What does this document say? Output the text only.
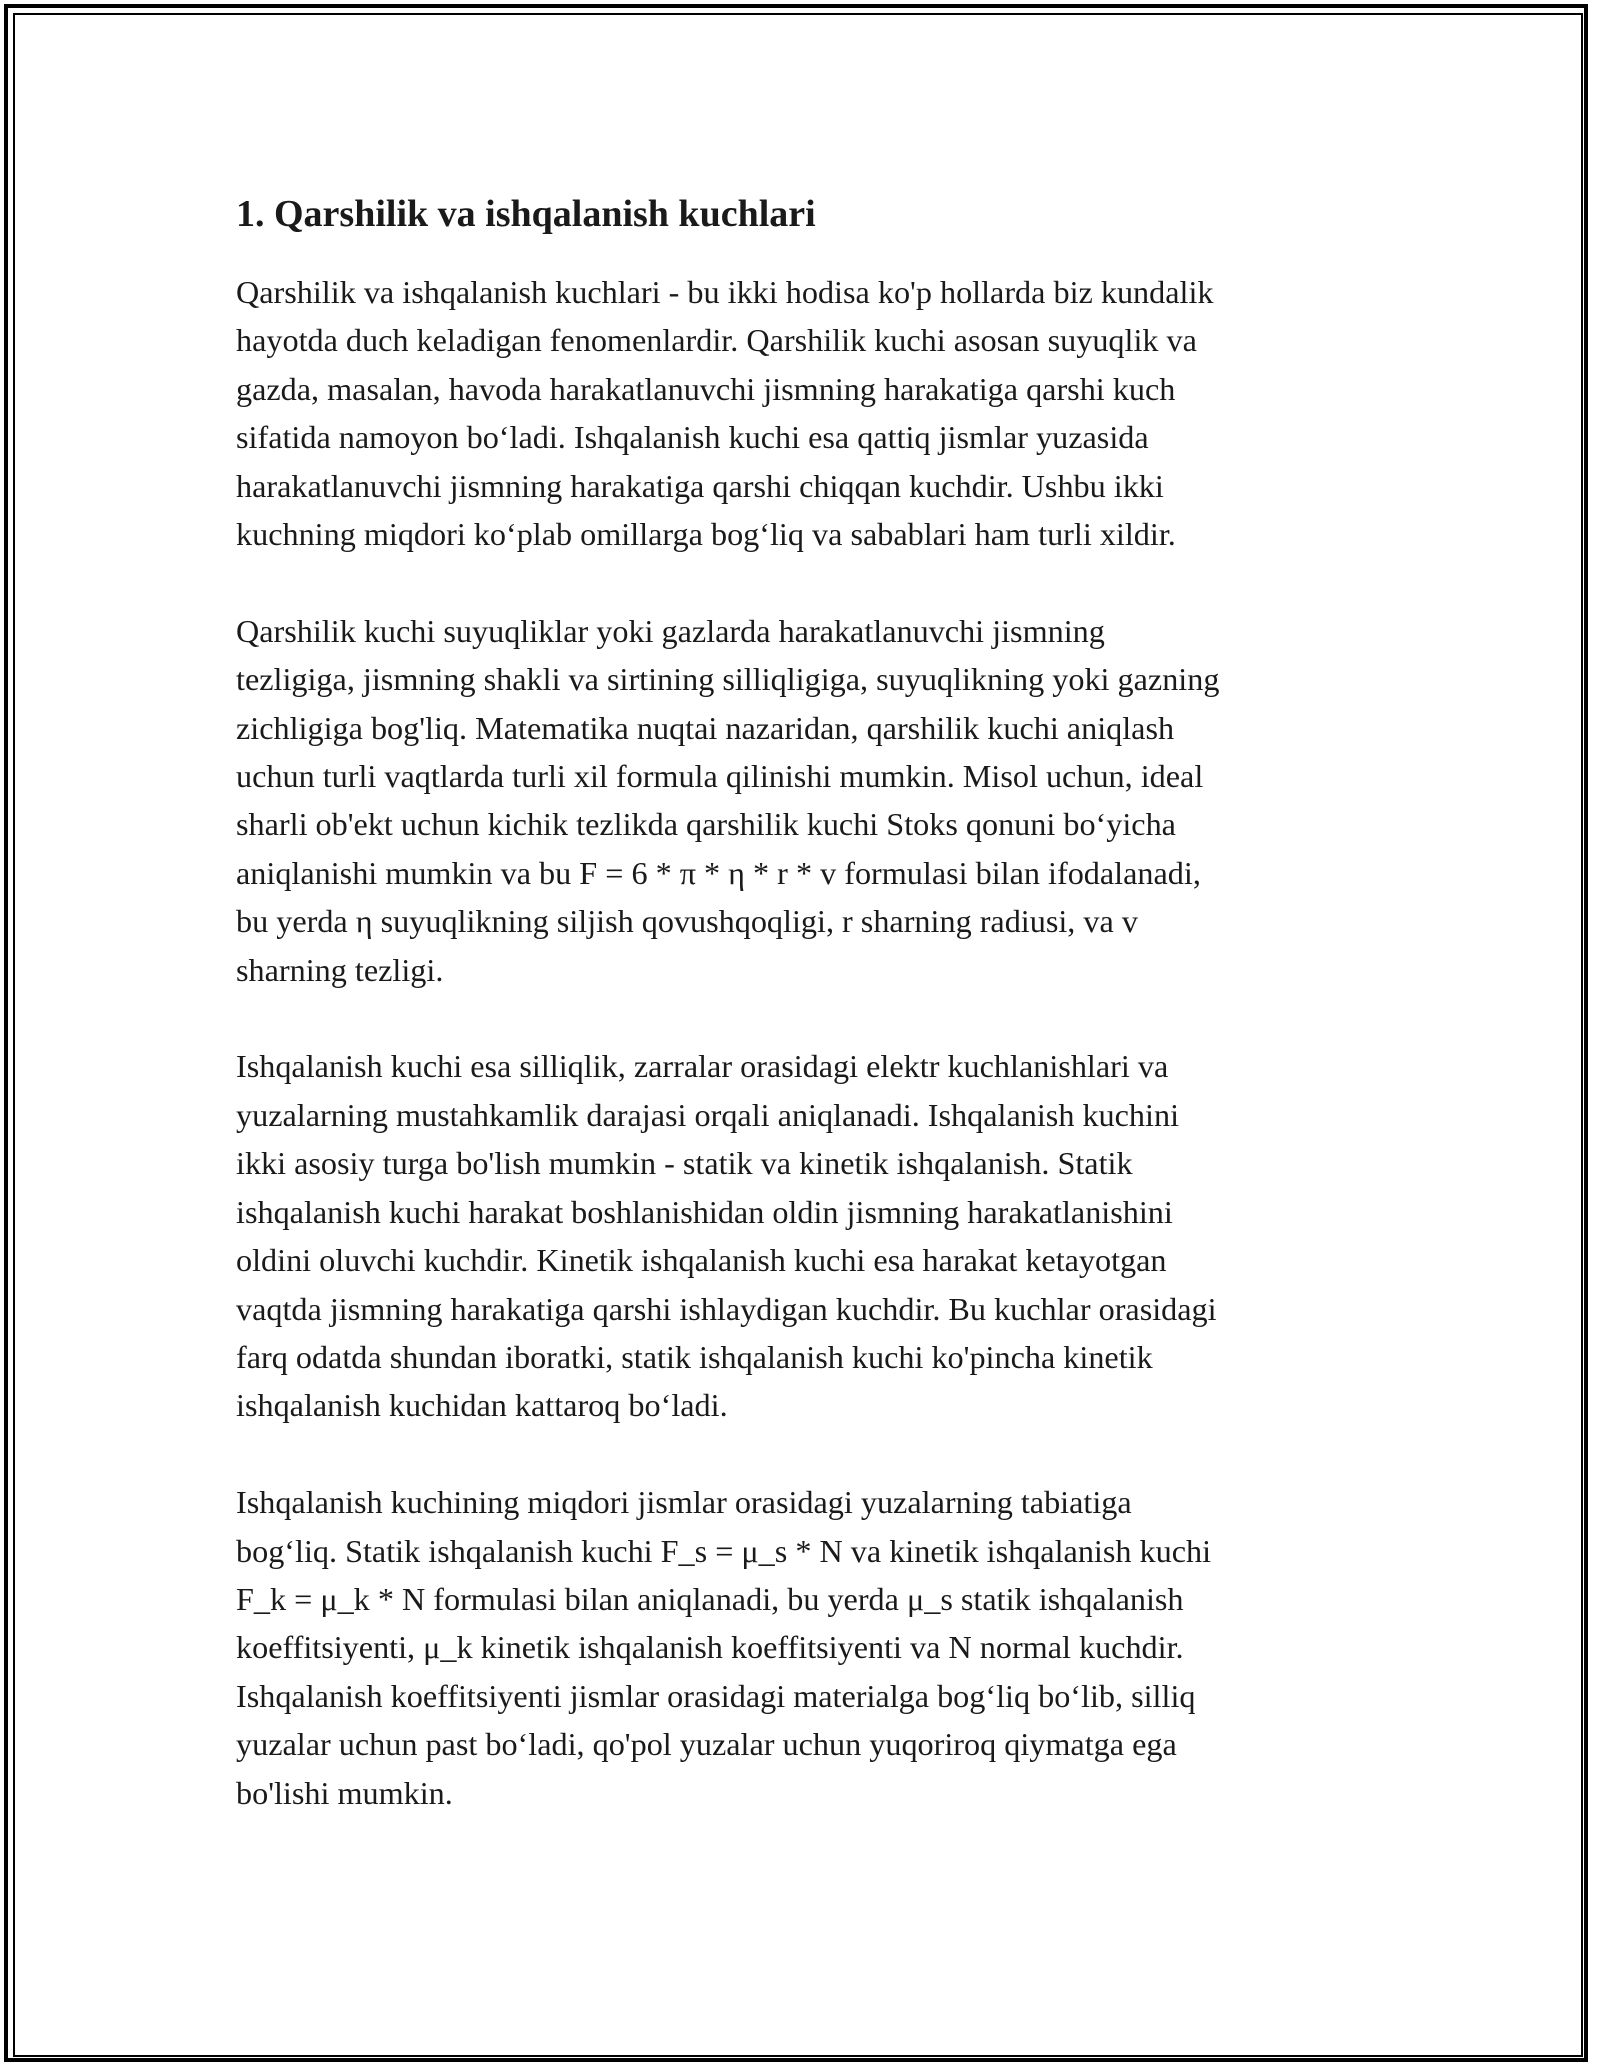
1. Qarshilik va ishqalanish kuchlari

Qarshilik va ishqalanish kuchlari - bu ikki hodisa ko'p hollarda biz kundalik
hayotda duch keladigan fenomenlardir. Qarshilik kuchi asosan suyuqlik va
gazda, masalan, havoda harakatlanuvchi jismning harakatiga qarshi kuch
sifatida namoyon bo‘ladi. Ishqalanish kuchi esa qattiq jismlar yuzasida
harakatlanuvchi jismning harakatiga qarshi chiqqan kuchdir. Ushbu ikki
kuchning miqdori ko‘plab omillarga bog‘liq va sabablari ham turli xildir.

Qarshilik kuchi suyuqliklar yoki gazlarda harakatlanuvchi jismning
tezligiga, jismning shakli va sirtining silliqligiga, suyuqlikning yoki gazning
zichligiga bog'liq. Matematika nuqtai nazaridan, qarshilik kuchi aniqlash
uchun turli vaqtlarda turli xil formula qilinishi mumkin. Misol uchun, ideal
sharli ob'ekt uchun kichik tezlikda qarshilik kuchi Stoks qonuni bo‘yicha
aniqlanishi mumkin va bu F = 6 * π * η * r * v formulasi bilan ifodalanadi,
bu yerda η suyuqlikning siljish qovushqoqligi, r sharning radiusi, va v
sharning tezligi.

Ishqalanish kuchi esa silliqlik, zarralar orasidagi elektr kuchlanishlari va
yuzalarning mustahkamlik darajasi orqali aniqlanadi. Ishqalanish kuchini
ikki asosiy turga bo'lish mumkin - statik va kinetik ishqalanish. Statik
ishqalanish kuchi harakat boshlanishidan oldin jismning harakatlanishini
oldini oluvchi kuchdir. Kinetik ishqalanish kuchi esa harakat ketayotgan
vaqtda jismning harakatiga qarshi ishlaydigan kuchdir. Bu kuchlar orasidagi
farq odatda shundan iboratki, statik ishqalanish kuchi ko'pincha kinetik
ishqalanish kuchidan kattaroq bo‘ladi.

Ishqalanish kuchining miqdori jismlar orasidagi yuzalarning tabiatiga
bog‘liq. Statik ishqalanish kuchi F_s = μ_s * N va kinetik ishqalanish kuchi
F_k = μ_k * N formulasi bilan aniqlanadi, bu yerda μ_s statik ishqalanish
koeffitsiyenti, μ_k kinetik ishqalanish koeffitsiyenti va N normal kuchdir.
Ishqalanish koeffitsiyenti jismlar orasidagi materialga bog‘liq bo‘lib, silliq
yuzalar uchun past bo‘ladi, qo'pol yuzalar uchun yuqoriroq qiymatga ega
bo'lishi mumkin.
